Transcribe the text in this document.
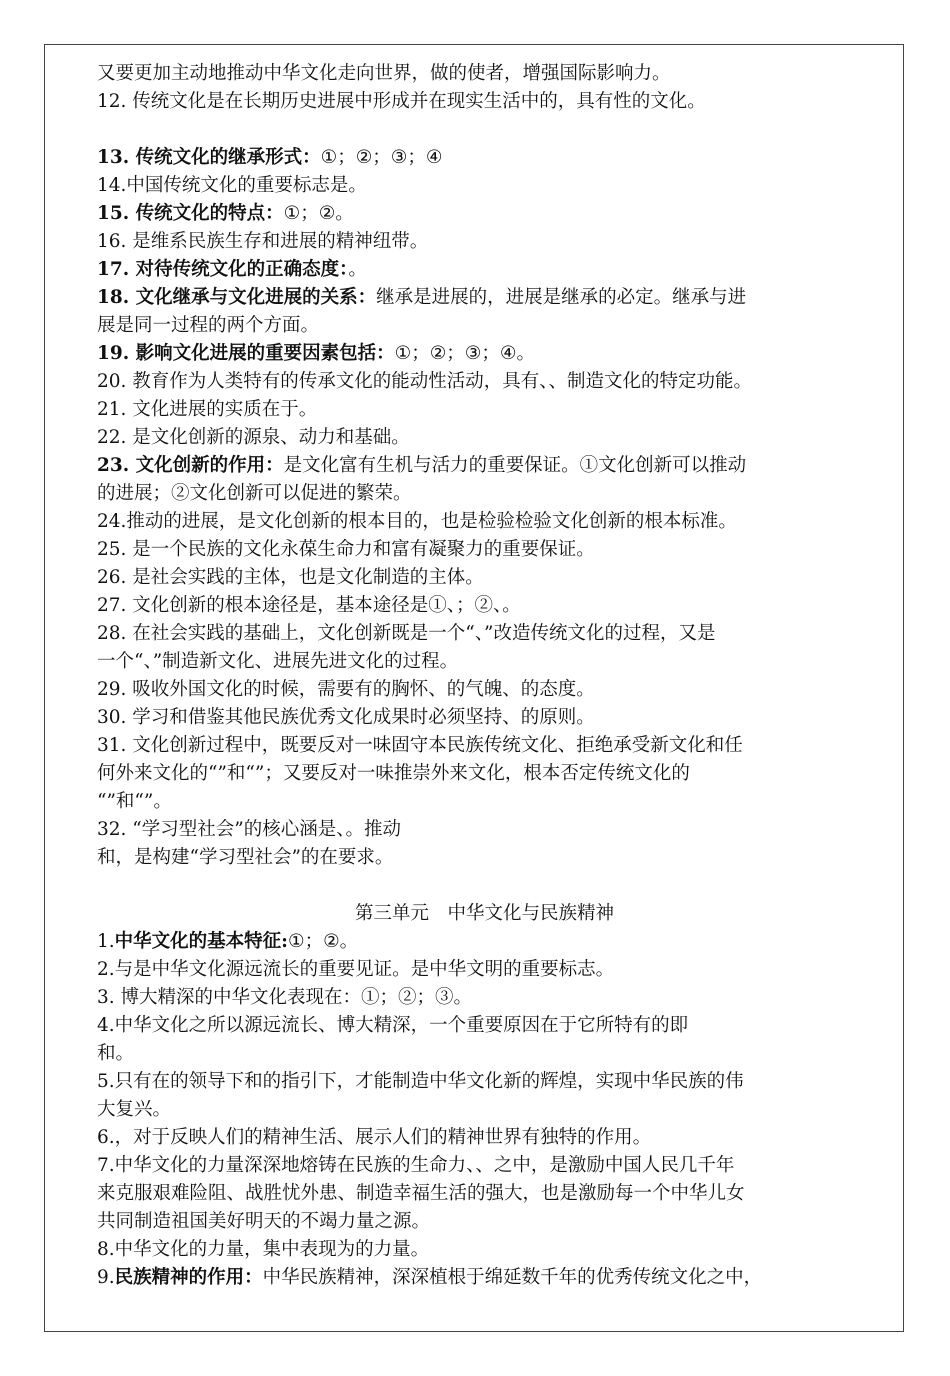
又要更加主动地推动中华文化走向世界，做的使者，增强国际影响力。
12. 传统文化是在长期历史进展中形成并在现实生活中的，具有性的文化。
13. 传统文化的继承形式：①；②；③；④
14.中国传统文化的重要标志是。
15. 传统文化的特点：①；②。
16. 是维系民族生存和进展的精神纽带。
17. 对待传统文化的正确态度：。
18. 文化继承与文化进展的关系：继承是进展的，进展是继承的必定。继承与进
展是同一过程的两个方面。
19. 影响文化进展的重要因素包括：①；②；③；④。
20. 教育作为人类特有的传承文化的能动性活动，具有、、制造文化的特定功能。
21. 文化进展的实质在于。
22. 是文化创新的源泉、动力和基础。
23. 文化创新的作用：是文化富有生机与活力的重要保证。①文化创新可以推动
的进展；②文化创新可以促进的繁荣。
24.推动的进展，是文化创新的根本目的，也是检验检验文化创新的根本标准。
25. 是一个民族的文化永葆生命力和富有凝聚力的重要保证。
26. 是社会实践的主体，也是文化制造的主体。
27. 文化创新的根本途径是，基本途径是①、；②、。
28. 在社会实践的基础上，文化创新既是一个“、”改造传统文化的过程，又是
一个“、”制造新文化、进展先进文化的过程。
29. 吸收外国文化的时候，需要有的胸怀、的气魄、的态度。
30. 学习和借鉴其他民族优秀文化成果时必须坚持、的原则。
31. 文化创新过程中，既要反对一味固守本民族传统文化、拒绝承受新文化和任
何外来文化的“”和“”；又要反对一味推崇外来文化，根本否定传统文化的
“”和“”。
32. “学习型社会”的核心涵是、。推动
和，是构建“学习型社会”的在要求。
第三单元　中华文化与民族精神
1.中华文化的基本特征:①；②。
2.与是中华文化源远流长的重要见证。是中华文明的重要标志。
3. 博大精深的中华文化表现在：①；②；③。
4.中华文化之所以源远流长、博大精深，一个重要原因在于它所特有的即
和。
5.只有在的领导下和的指引下，才能制造中华文化新的辉煌，实现中华民族的伟
大复兴。
6.，对于反映人们的精神生活、展示人们的精神世界有独特的作用。
7.中华文化的力量深深地熔铸在民族的生命力、、之中，是激励中国人民几千年
来克服艰难险阻、战胜忧外患、制造幸福生活的强大，也是激励每一个中华儿女
共同制造祖国美好明天的不竭力量之源。
8.中华文化的力量，集中表现为的力量。
9.民族精神的作用：中华民族精神，深深植根于绵延数千年的优秀传统文化之中，
